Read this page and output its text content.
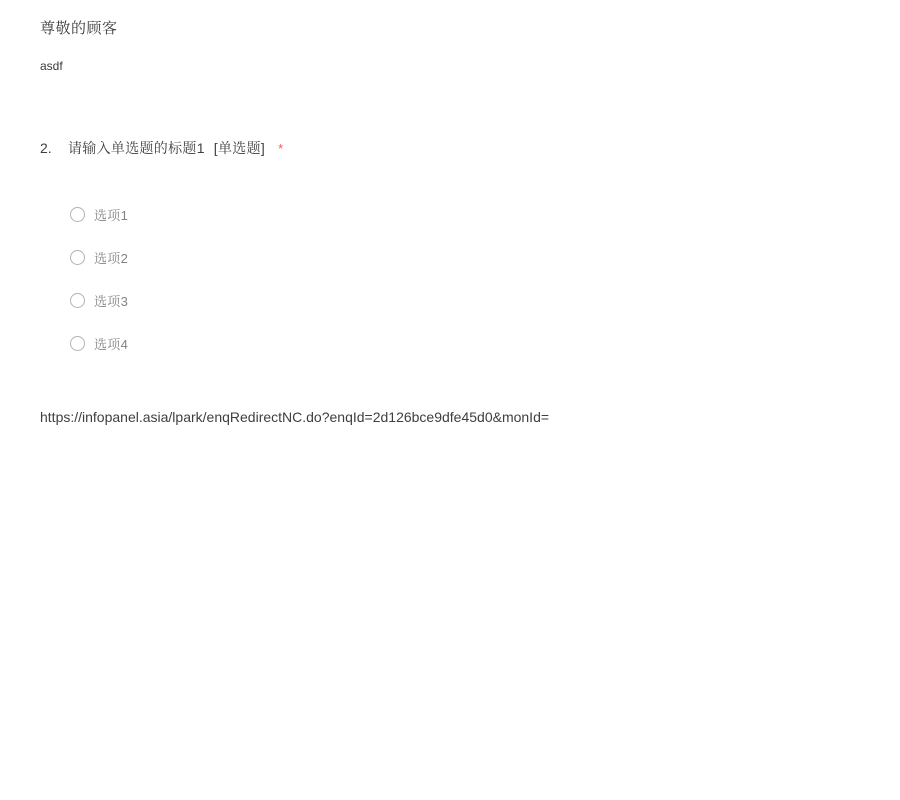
尊敬的顾客
asdf
2.	请输入单选题的标题1 [单选题] *
选项1
选项2
选项3
选项4
https://infopanel.asia/lpark/enqRedirectNC.do?enqId=2d126bce9dfe45d0&monId=
